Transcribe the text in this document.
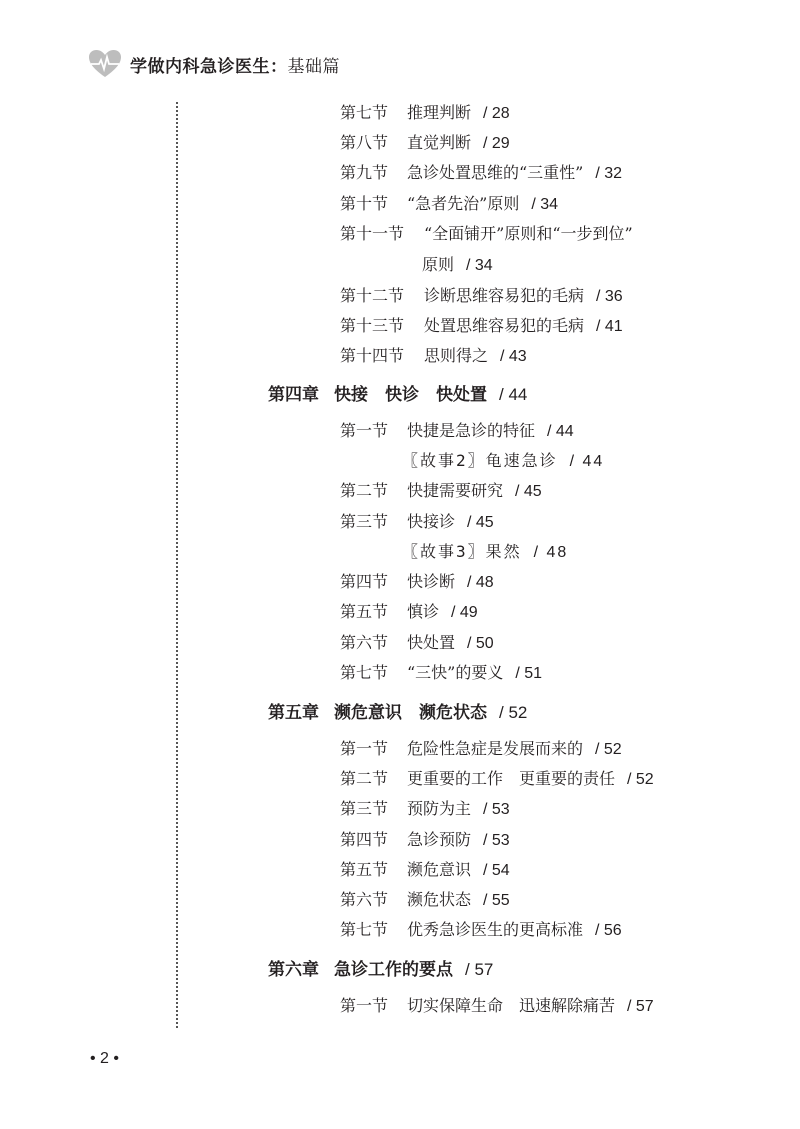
学做内科急诊医生：基础篇
第七节 推理判断 / 28
第八节 直觉判断 / 29
第九节 急诊处置思维的“三重性” / 32
第十节 “急者先治”原则 / 34
第十一节 “全面铺开”原则和“一步到位”
原则 / 34
第十二节 诊断思维容易犯的毛病 / 36
第十三节 处置思维容易犯的毛病 / 41
第十四节 思则得之 / 43
第四章 快接　快诊　快处置 / 44
第一节 快捷是急诊的特征 / 44
〖故事2〗龟速急诊 / 44
第二节 快捷需要研究 / 45
第三节 快接诊 / 45
〖故事3〗果然 / 48
第四节 快诊断 / 48
第五节 慎诊 / 49
第六节 快处置 / 50
第七节 “三快”的要义 / 51
第五章 濒危意识　濒危状态 / 52
第一节 危险性急症是发展而来的 / 52
第二节 更重要的工作　更重要的责任 / 52
第三节 预防为主 / 53
第四节 急诊预防 / 53
第五节 濒危意识 / 54
第六节 濒危状态 / 55
第七节 优秀急诊医生的更高标准 / 56
第六章 急诊工作的要点 / 57
第一节 切实保障生命　迅速解除痛苦 / 57
• 2 •
